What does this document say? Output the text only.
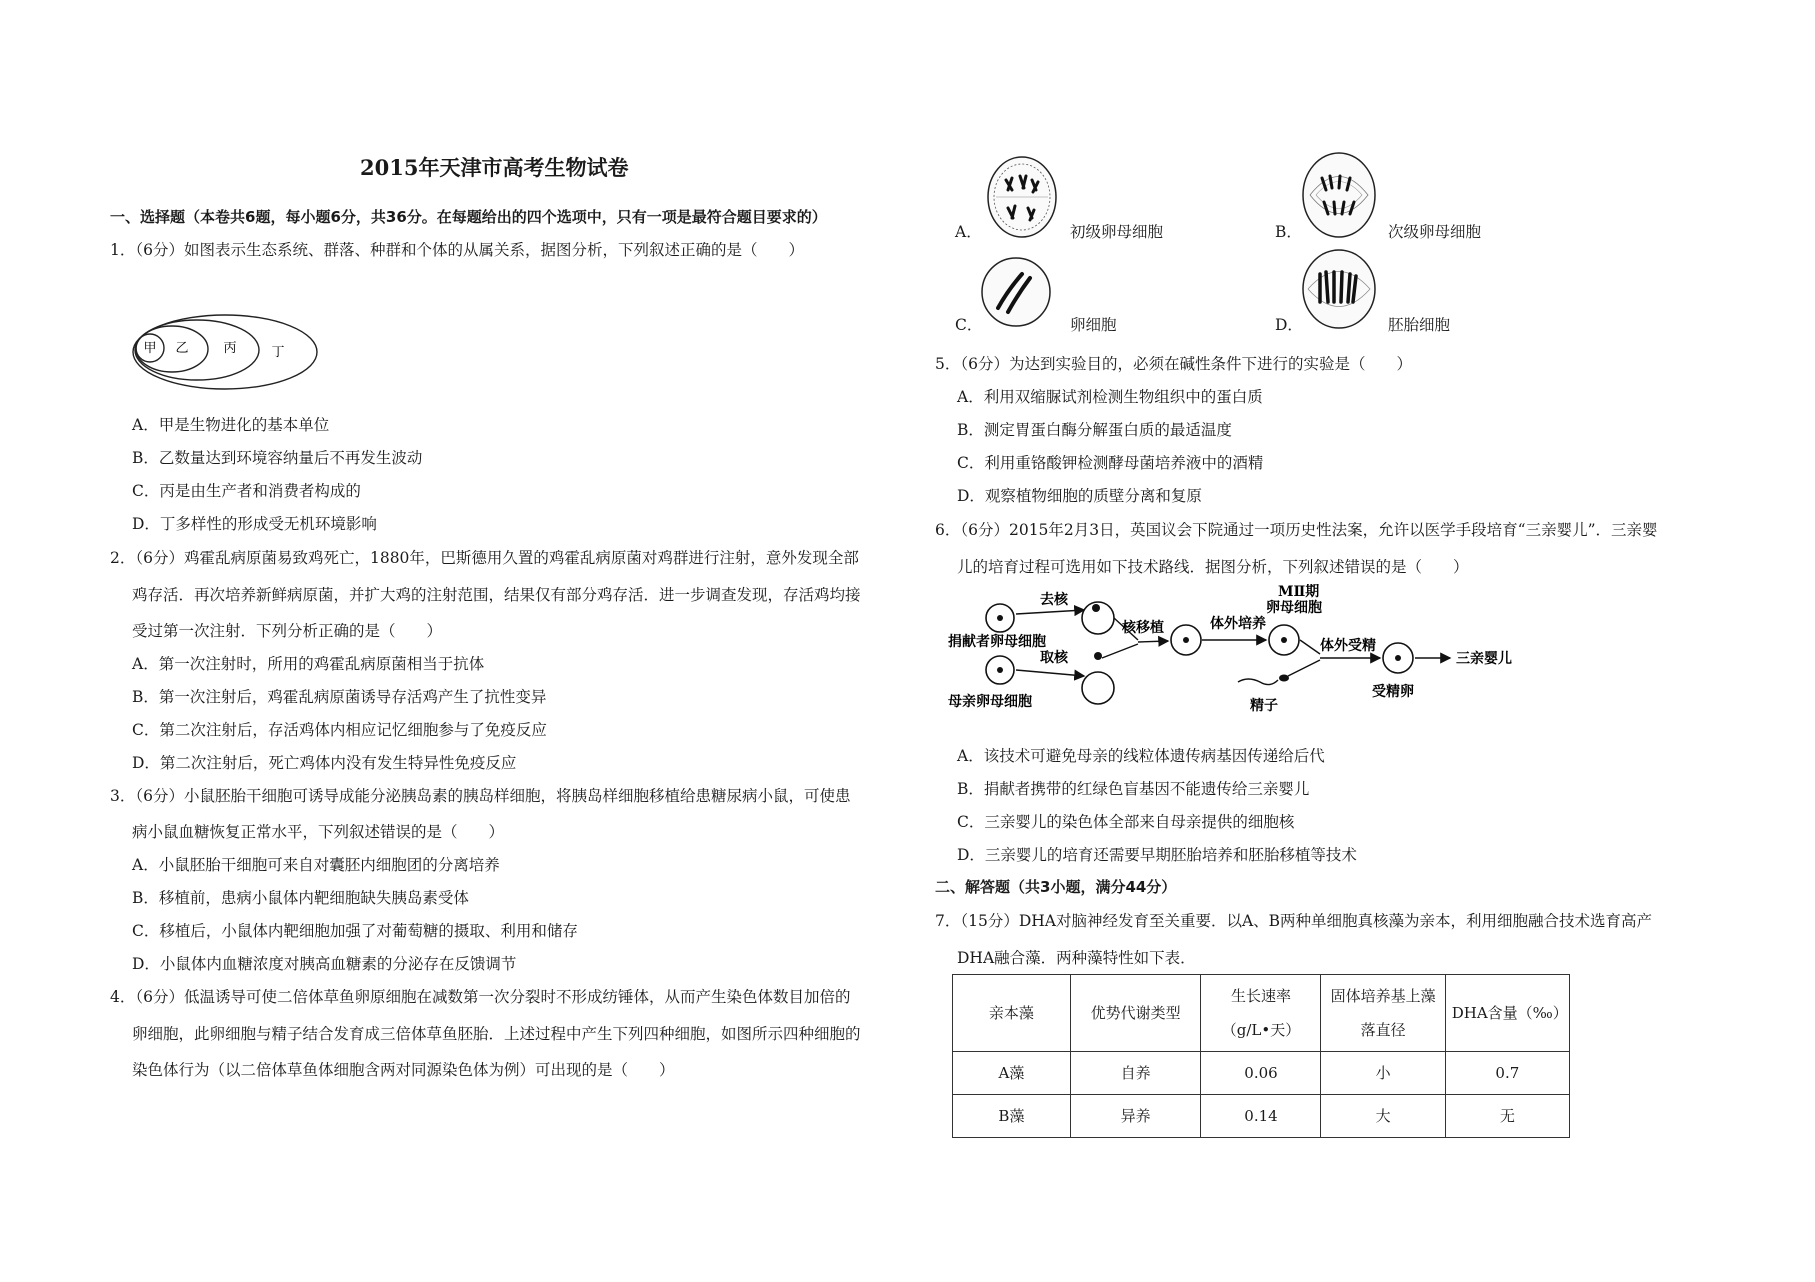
2015年天津市高考生物试卷
一、选择题（本卷共6题，每小题6分，共36分。在每题给出的四个选项中，只有一项是最符合题目要求的）
1．（6分）如图表示生态系统、群落、种群和个体的从属关系，据图分析，下列叙述正确的是（　　）
甲 乙	丙	丁
A．甲是生物进化的基本单位
B．乙数量达到环境容纳量后不再发生波动
C．丙是由生产者和消费者构成的
D．丁多样性的形成受无机环境影响
2．（6分）鸡霍乱病原菌易致鸡死亡，1880年，巴斯德用久置的鸡霍乱病原菌对鸡群进行注射，意外发现全部
鸡存活．再次培养新鲜病原菌，并扩大鸡的注射范围，结果仅有部分鸡存活．进一步调查发现，存活鸡均接
受过第一次注射．下列分析正确的是（　　）
A．第一次注射时，所用的鸡霍乱病原菌相当于抗体
B．第一次注射后，鸡霍乱病原菌诱导存活鸡产生了抗性变异
C．第二次注射后，存活鸡体内相应记忆细胞参与了免疫反应
D．第二次注射后，死亡鸡体内没有发生特异性免疫反应
3．（6分）小鼠胚胎干细胞可诱导成能分泌胰岛素的胰岛样细胞，将胰岛样细胞移植给患糖尿病小鼠，可使患
病小鼠血糖恢复正常水平，下列叙述错误的是（　　）
A．小鼠胚胎干细胞可来自对囊胚内细胞团的分离培养
B．移植前，患病小鼠体内靶细胞缺失胰岛素受体
C．移植后，小鼠体内靶细胞加强了对葡萄糖的摄取、利用和储存
D．小鼠体内血糖浓度对胰高血糖素的分泌存在反馈调节
4．（6分）低温诱导可使二倍体草鱼卵原细胞在减数第一次分裂时不形成纺锤体，从而产生染色体数目加倍的
卵细胞，此卵细胞与精子结合发育成三倍体草鱼胚胎．上述过程中产生下列四种细胞，如图所示四种细胞的
染色体行为（以二倍体草鱼体细胞含两对同源染色体为例）可出现的是（　　）
A．	初级卵母细胞	B．	次级卵母细胞
C．	卵细胞	D．	胚胎细胞
5．（6分）为达到实验目的，必须在碱性条件下进行的实验是（　　）
A．利用双缩脲试剂检测生物组织中的蛋白质
B．测定胃蛋白酶分解蛋白质的最适温度
C．利用重铬酸钾检测酵母菌培养液中的酒精
D．观察植物细胞的质壁分离和复原
6．（6分）2015年2月3日，英国议会下院通过一项历史性法案，允许以医学手段培育“三亲婴儿”．三亲婴
儿的培育过程可选用如下技术路线．据图分析，下列叙述错误的是（　　）
去核
捐献者卵母细胞
取核
母亲卵母细胞
核移植	体外培养
MⅡ期
卵母细胞
体外受精
精子
受精卵
三亲婴儿
A．该技术可避免母亲的线粒体遗传病基因传递给后代
B．捐献者携带的红绿色盲基因不能遗传给三亲婴儿
C．三亲婴儿的染色体全部来自母亲提供的细胞核
D．三亲婴儿的培育还需要早期胚胎培养和胚胎移植等技术
二、解答题（共3小题，满分44分）
7．（15分）DHA对脑神经发育至关重要．以A、B两种单细胞真核藻为亲本，利用细胞融合技术选育高产
DHA融合藻．两种藻特性如下表．
亲本藻	优势代谢类型	生长速率（g/L•天）	固体培养基上藻落直径	DHA含量（‰）
A藻	自养	0.06	小	0.7
B藻	异养	0.14	大	无
